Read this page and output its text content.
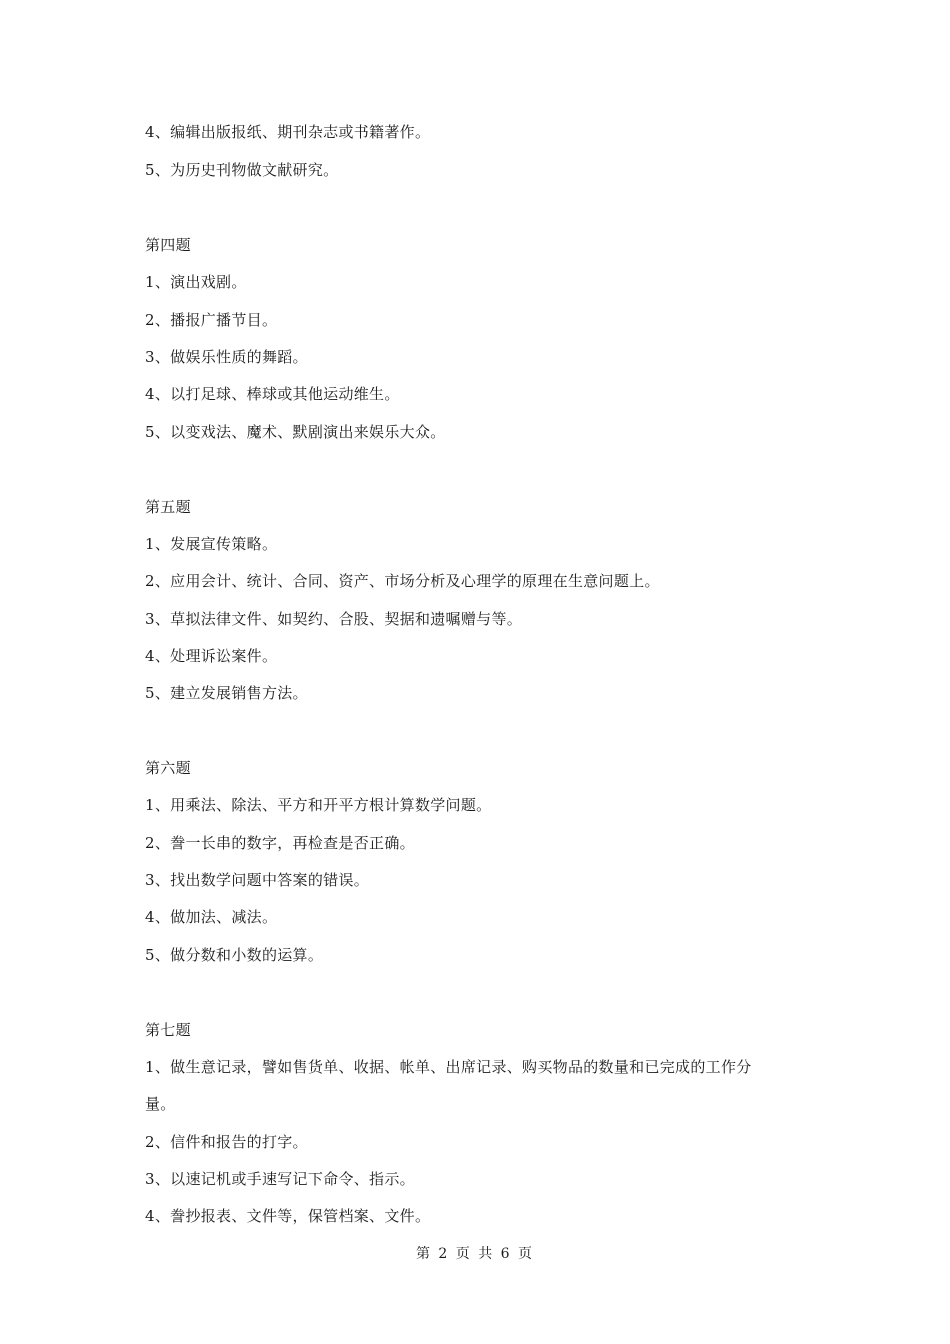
4、编辑出版报纸、期刊杂志或书籍著作。
5、为历史刊物做文献研究。
第四题
1、演出戏剧。
2、播报广播节目。
3、做娱乐性质的舞蹈。
4、以打足球、棒球或其他运动维生。
5、以变戏法、魔术、默剧演出来娱乐大众。
第五题
1、发展宣传策略。
2、应用会计、统计、合同、资产、市场分析及心理学的原理在生意问题上。
3、草拟法律文件、如契约、合股、契据和遗嘱赠与等。
4、处理诉讼案件。
5、建立发展销售方法。
第六题
1、用乘法、除法、平方和开平方根计算数学问题。
2、誊一长串的数字，再检查是否正确。
3、找出数学问题中答案的错误。
4、做加法、减法。
5、做分数和小数的运算。
第七题
1、做生意记录，譬如售货单、收据、帐单、出席记录、购买物品的数量和已完成的工作分
量。
2、信件和报告的打字。
3、以速记机或手速写记下命令、指示。
4、誊抄报表、文件等，保管档案、文件。
第 2 页 共 6 页
